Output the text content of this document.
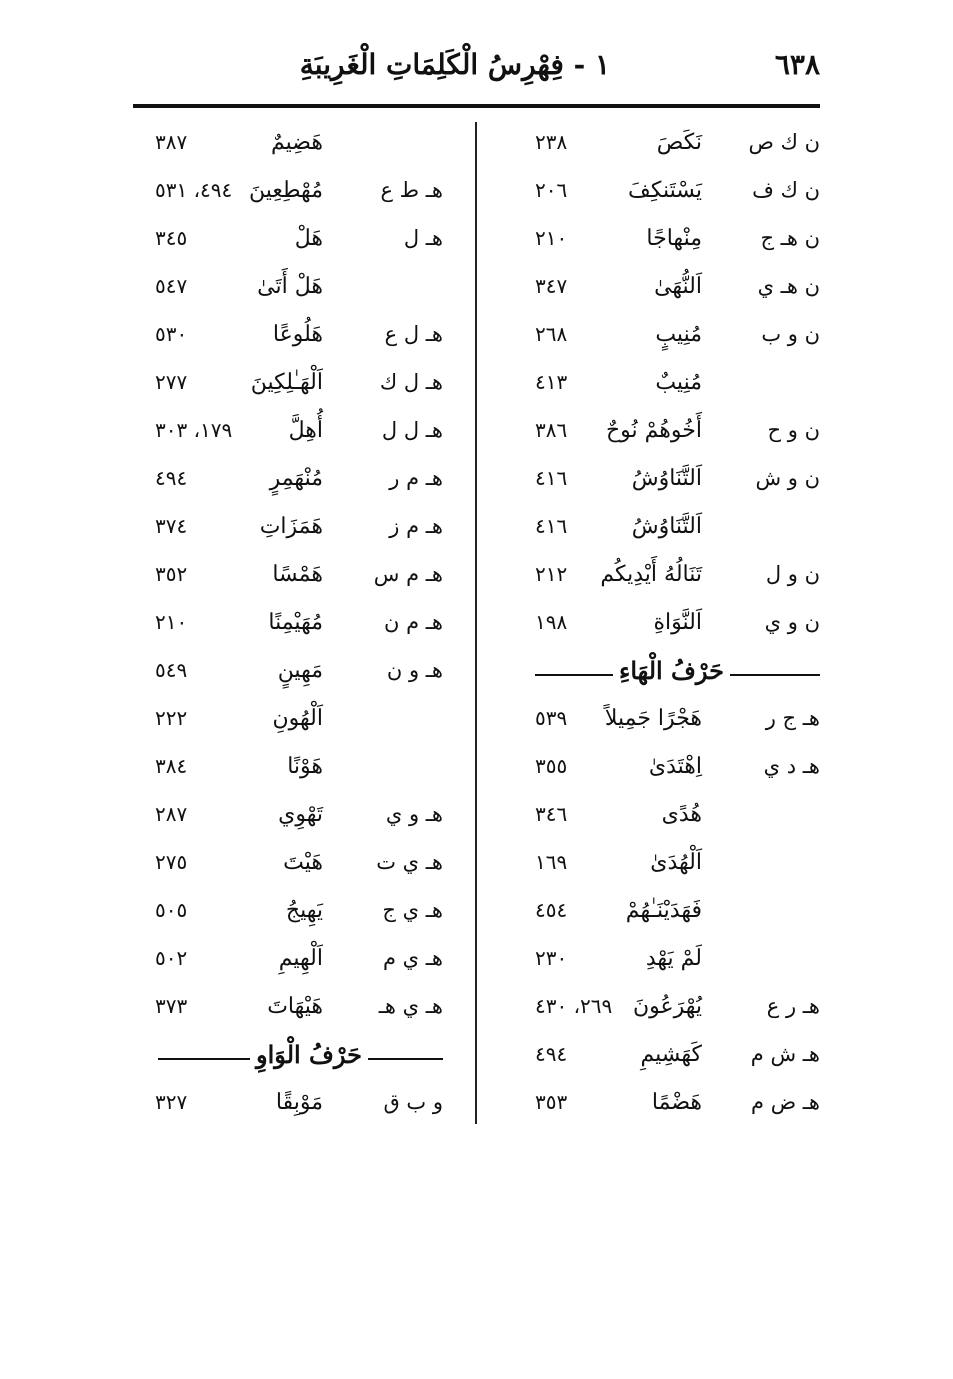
٦٣٨
١ - فِهْرِسُ الْكَلِمَاتِ الْغَرِيبَةِ
ن ك ص
نَكَصَ
٢٣٨
ن ك ف
يَسْتَنكِفَ
٢٠٦
ن هـ ج
مِنْهاجًا
٢١٠
ن هـ ي
اَلنُّهَىٰ
٣٤٧
ن و ب
مُنِيبٍ
٢٦٨
مُنِيبٌ
٤١٣
ن و ح
أَخُوهُمْ نُوحٌ
٣٨٦
ن و ش
اَلتَّنَاوُشُ
٤١٦
اَلتَّنَاوُشُ
٤١٦
ن و ل
تَنَالُهُ أَيْدِيكُم
٢١٢
ن و ي
اَلنَّوَاةِ
١٩٨
حَرْفُ الْهَاءِ
هـ ج ر
هَجْرًا جَمِيلاً
٥٣٩
هـ د ي
اِهْتَدَىٰ
٣٥٥
هُدًى
٣٤٦
اَلْهُدَىٰ
١٦٩
فَهَدَيْنَـٰهُمْ
٤٥٤
لَمْ يَهْدِ
٢٣٠
هـ ر ع
يُهْرَعُونَ
٢٦٩، ٤٣٠
هـ ش م
كَهَشِيمِ
٤٩٤
هـ ض م
هَضْمًا
٣٥٣
هَضِيمٌ
٣٨٧
هـ ط ع
مُهْطِعِينَ
٤٩٤، ٥٣١
هـ ل
هَلْ
٣٤٥
هَلْ أَتَىٰ
٥٤٧
هـ ل ع
هَلُوعًا
٥٣٠
هـ ل ك
اَلْهَـٰلِكِينَ
٢٧٧
هـ ل ل
أُهِلَّ
١٧٩، ٣٠٣
هـ م ر
مُنْهَمِرٍ
٤٩٤
هـ م ز
هَمَزَاتِ
٣٧٤
هـ م س
هَمْسًا
٣٥٢
هـ م ن
مُهَيْمِنًا
٢١٠
هـ و ن
مَهِينٍ
٥٤٩
اَلْهُونِ
٢٢٢
هَوْنًا
٣٨٤
هـ و ي
تَهْوِي
٢٨٧
هـ ي ت
هَيْتَ
٢٧٥
هـ ي ج
يَهِيجُ
٥٠٥
هـ ي م
اَلْهِيمِ
٥٠٢
هـ ي هـ
هَيْهَاتَ
٣٧٣
حَرْفُ الْوَاوِ
و ب ق
مَوْبِقًا
٣٢٧
